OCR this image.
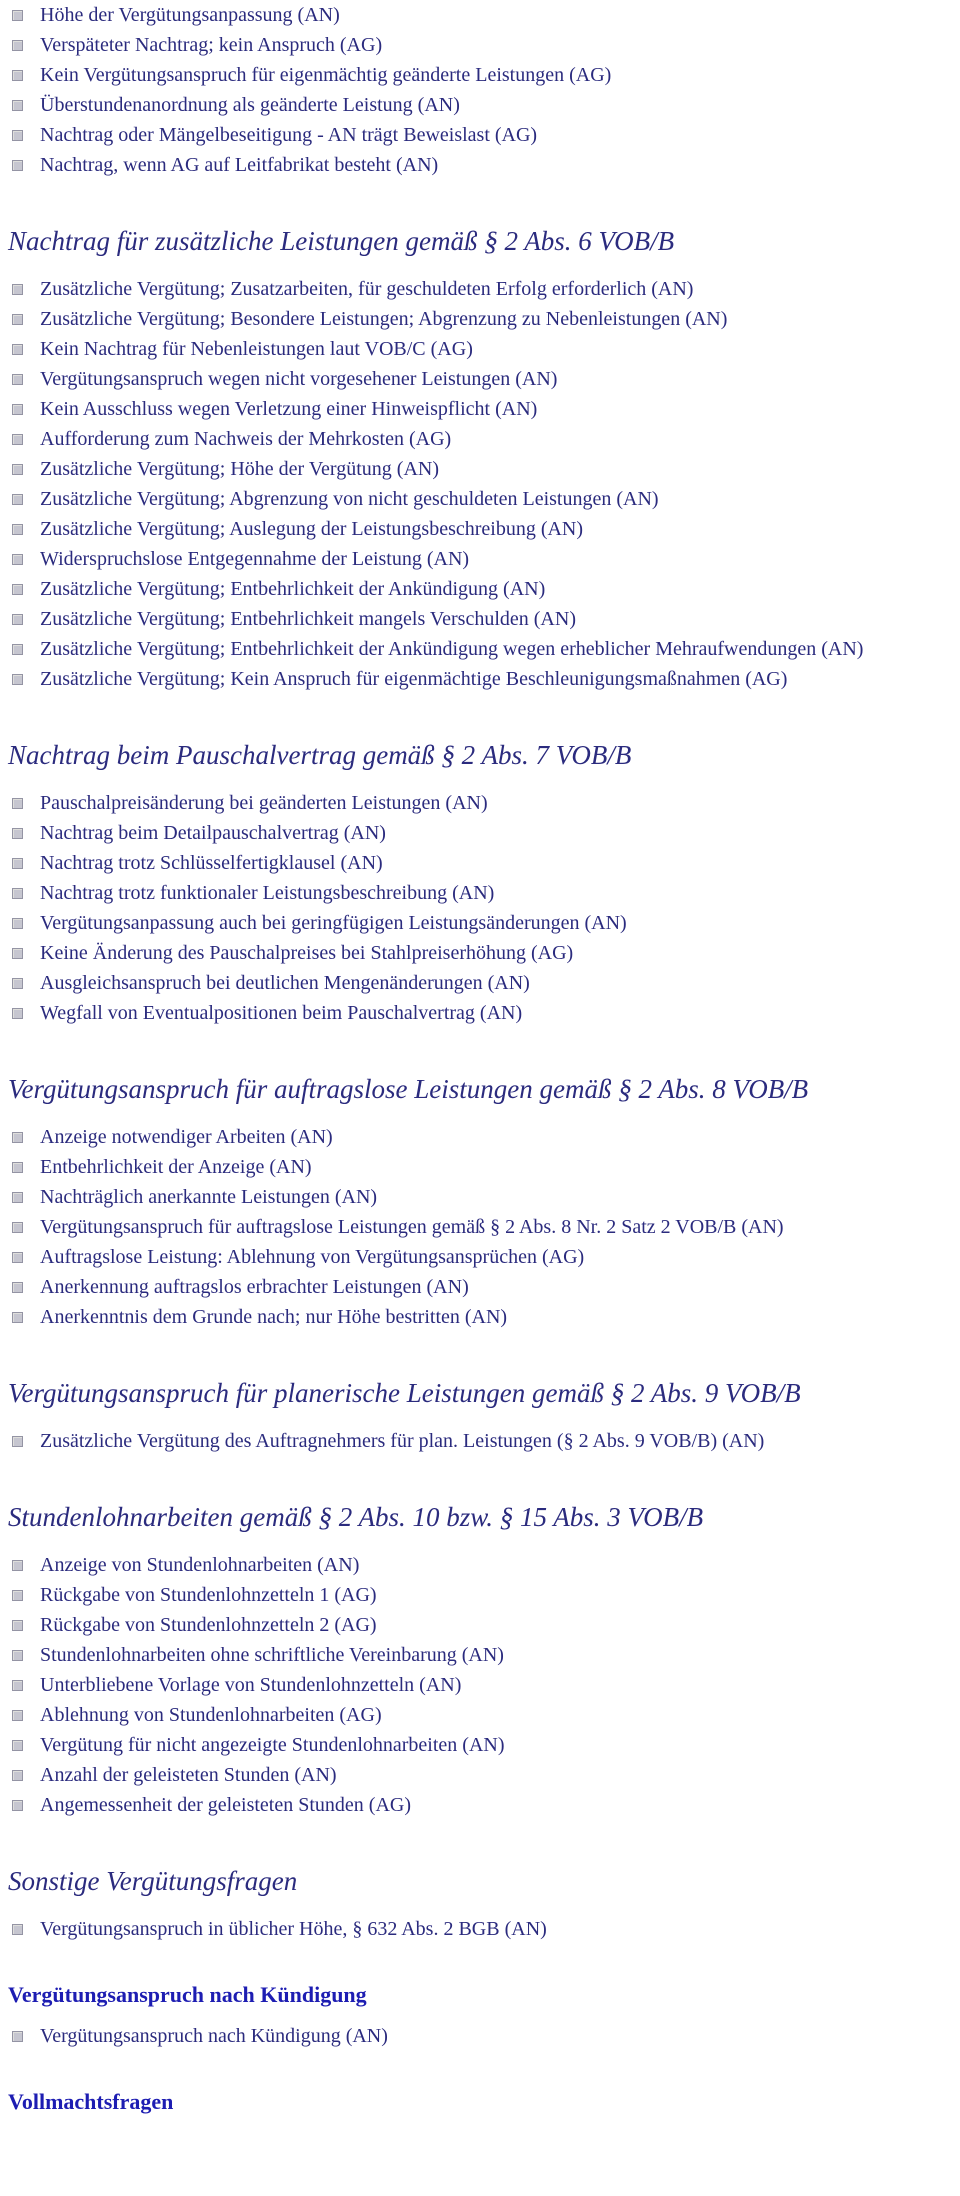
Höhe der Vergütungsanpassung (AN)
Verspäteter Nachtrag; kein Anspruch (AG)
Kein Vergütungsanspruch für eigenmächtig geänderte Leistungen (AG)
Überstundenanordnung als geänderte Leistung (AN)
Nachtrag oder Mängelbeseitigung - AN trägt Beweislast (AG)
Nachtrag, wenn AG auf Leitfabrikat besteht (AN)
Nachtrag für zusätzliche Leistungen gemäß § 2 Abs. 6 VOB/B
Zusätzliche Vergütung; Zusatzarbeiten, für geschuldeten Erfolg erforderlich (AN)
Zusätzliche Vergütung; Besondere Leistungen; Abgrenzung zu Nebenleistungen (AN)
Kein Nachtrag für Nebenleistungen laut VOB/C (AG)
Vergütungsanspruch wegen nicht vorgesehener Leistungen (AN)
Kein Ausschluss wegen Verletzung einer Hinweispflicht (AN)
Aufforderung zum Nachweis der Mehrkosten (AG)
Zusätzliche Vergütung; Höhe der Vergütung (AN)
Zusätzliche Vergütung; Abgrenzung von nicht geschuldeten Leistungen (AN)
Zusätzliche Vergütung; Auslegung der Leistungsbeschreibung (AN)
Widerspruchslose Entgegennahme der Leistung (AN)
Zusätzliche Vergütung; Entbehrlichkeit der Ankündigung (AN)
Zusätzliche Vergütung; Entbehrlichkeit mangels Verschulden (AN)
Zusätzliche Vergütung; Entbehrlichkeit der Ankündigung wegen erheblicher Mehraufwendungen (AN)
Zusätzliche Vergütung; Kein Anspruch für eigenmächtige Beschleunigungsmaßnahmen (AG)
Nachtrag beim Pauschalvertrag gemäß § 2 Abs. 7 VOB/B
Pauschalpreisänderung bei geänderten Leistungen (AN)
Nachtrag beim Detailpauschalvertrag (AN)
Nachtrag trotz Schlüsselfertigklausel (AN)
Nachtrag trotz funktionaler Leistungsbeschreibung (AN)
Vergütungsanpassung auch bei geringfügigen Leistungsänderungen (AN)
Keine Änderung des Pauschalpreises bei Stahlpreiserhöhung (AG)
Ausgleichsanspruch bei deutlichen Mengenänderungen (AN)
Wegfall von Eventualpositionen beim Pauschalvertrag (AN)
Vergütungsanspruch für auftragslose Leistungen gemäß § 2 Abs. 8 VOB/B
Anzeige notwendiger Arbeiten (AN)
Entbehrlichkeit der Anzeige (AN)
Nachträglich anerkannte Leistungen (AN)
Vergütungsanspruch für auftragslose Leistungen gemäß § 2 Abs. 8 Nr. 2 Satz 2 VOB/B (AN)
Auftragslose Leistung: Ablehnung von Vergütungsansprüchen (AG)
Anerkennung auftragslos erbrachter Leistungen (AN)
Anerkenntnis dem Grunde nach; nur Höhe bestritten (AN)
Vergütungsanspruch für planerische Leistungen gemäß § 2 Abs. 9 VOB/B
Zusätzliche Vergütung des Auftragnehmers für plan. Leistungen (§ 2 Abs. 9 VOB/B) (AN)
Stundenlohnarbeiten gemäß § 2 Abs. 10 bzw. § 15 Abs. 3 VOB/B
Anzeige von Stundenlohnarbeiten (AN)
Rückgabe von Stundenlohnzetteln 1 (AG)
Rückgabe von Stundenlohnzetteln 2 (AG)
Stundenlohnarbeiten ohne schriftliche Vereinbarung (AN)
Unterbliebene Vorlage von Stundenlohnzetteln (AN)
Ablehnung von Stundenlohnarbeiten (AG)
Vergütung für nicht angezeigte Stundenlohnarbeiten (AN)
Anzahl der geleisteten Stunden (AN)
Angemessenheit der geleisteten Stunden (AG)
Sonstige Vergütungsfragen
Vergütungsanspruch in üblicher Höhe, § 632 Abs. 2 BGB (AN)
Vergütungsanspruch nach Kündigung
Vergütungsanspruch nach Kündigung (AN)
Vollmachtsfragen
